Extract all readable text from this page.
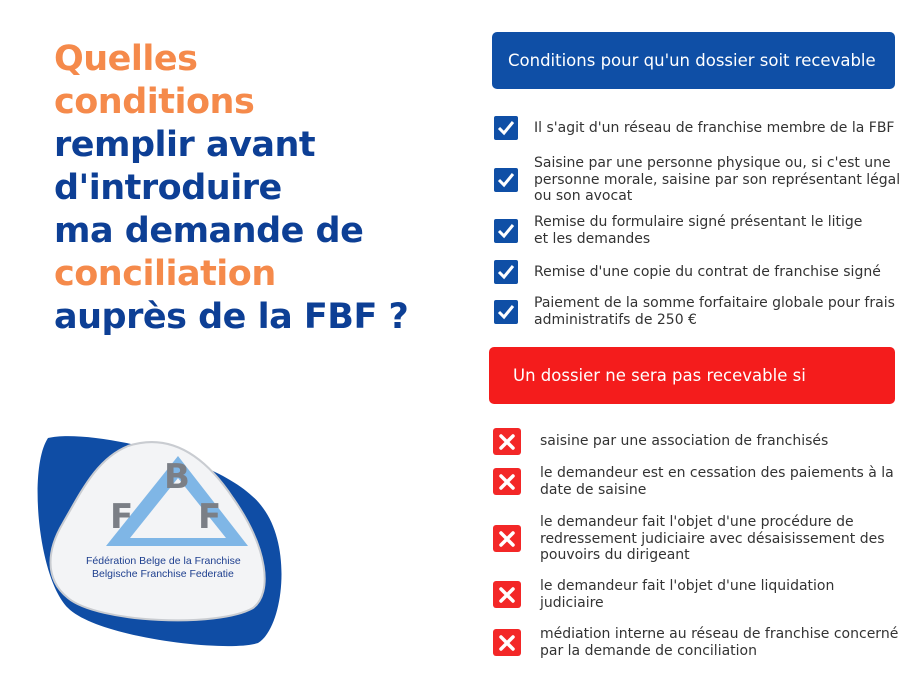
Quelles
conditions
remplir avant
d'introduire
ma demande de
conciliation
auprès de la FBF ?
B
F F
Fédération Belge de la Franchise
Belgische Franchise Federatie
Conditions pour qu'un dossier soit recevable
Il s'agit d'un réseau de franchise membre de la FBF
Saisine par une personne physique ou, si c'est une
personne morale, saisine par son représentant légal
ou son avocat
Remise du formulaire signé présentant le litige
et les demandes
Remise d'une copie du contrat de franchise signé
Paiement de la somme forfaitaire globale pour frais
administratifs de 250 €
Un dossier ne sera pas recevable si
saisine par une association de franchisés
le demandeur est en cessation des paiements à la
date de saisine
le demandeur fait l'objet d'une procédure de
redressement judiciaire avec désaisissement des
pouvoirs du dirigeant
le demandeur fait l'objet d'une liquidation
judiciaire
médiation interne au réseau de franchise concerné
par la demande de conciliation
